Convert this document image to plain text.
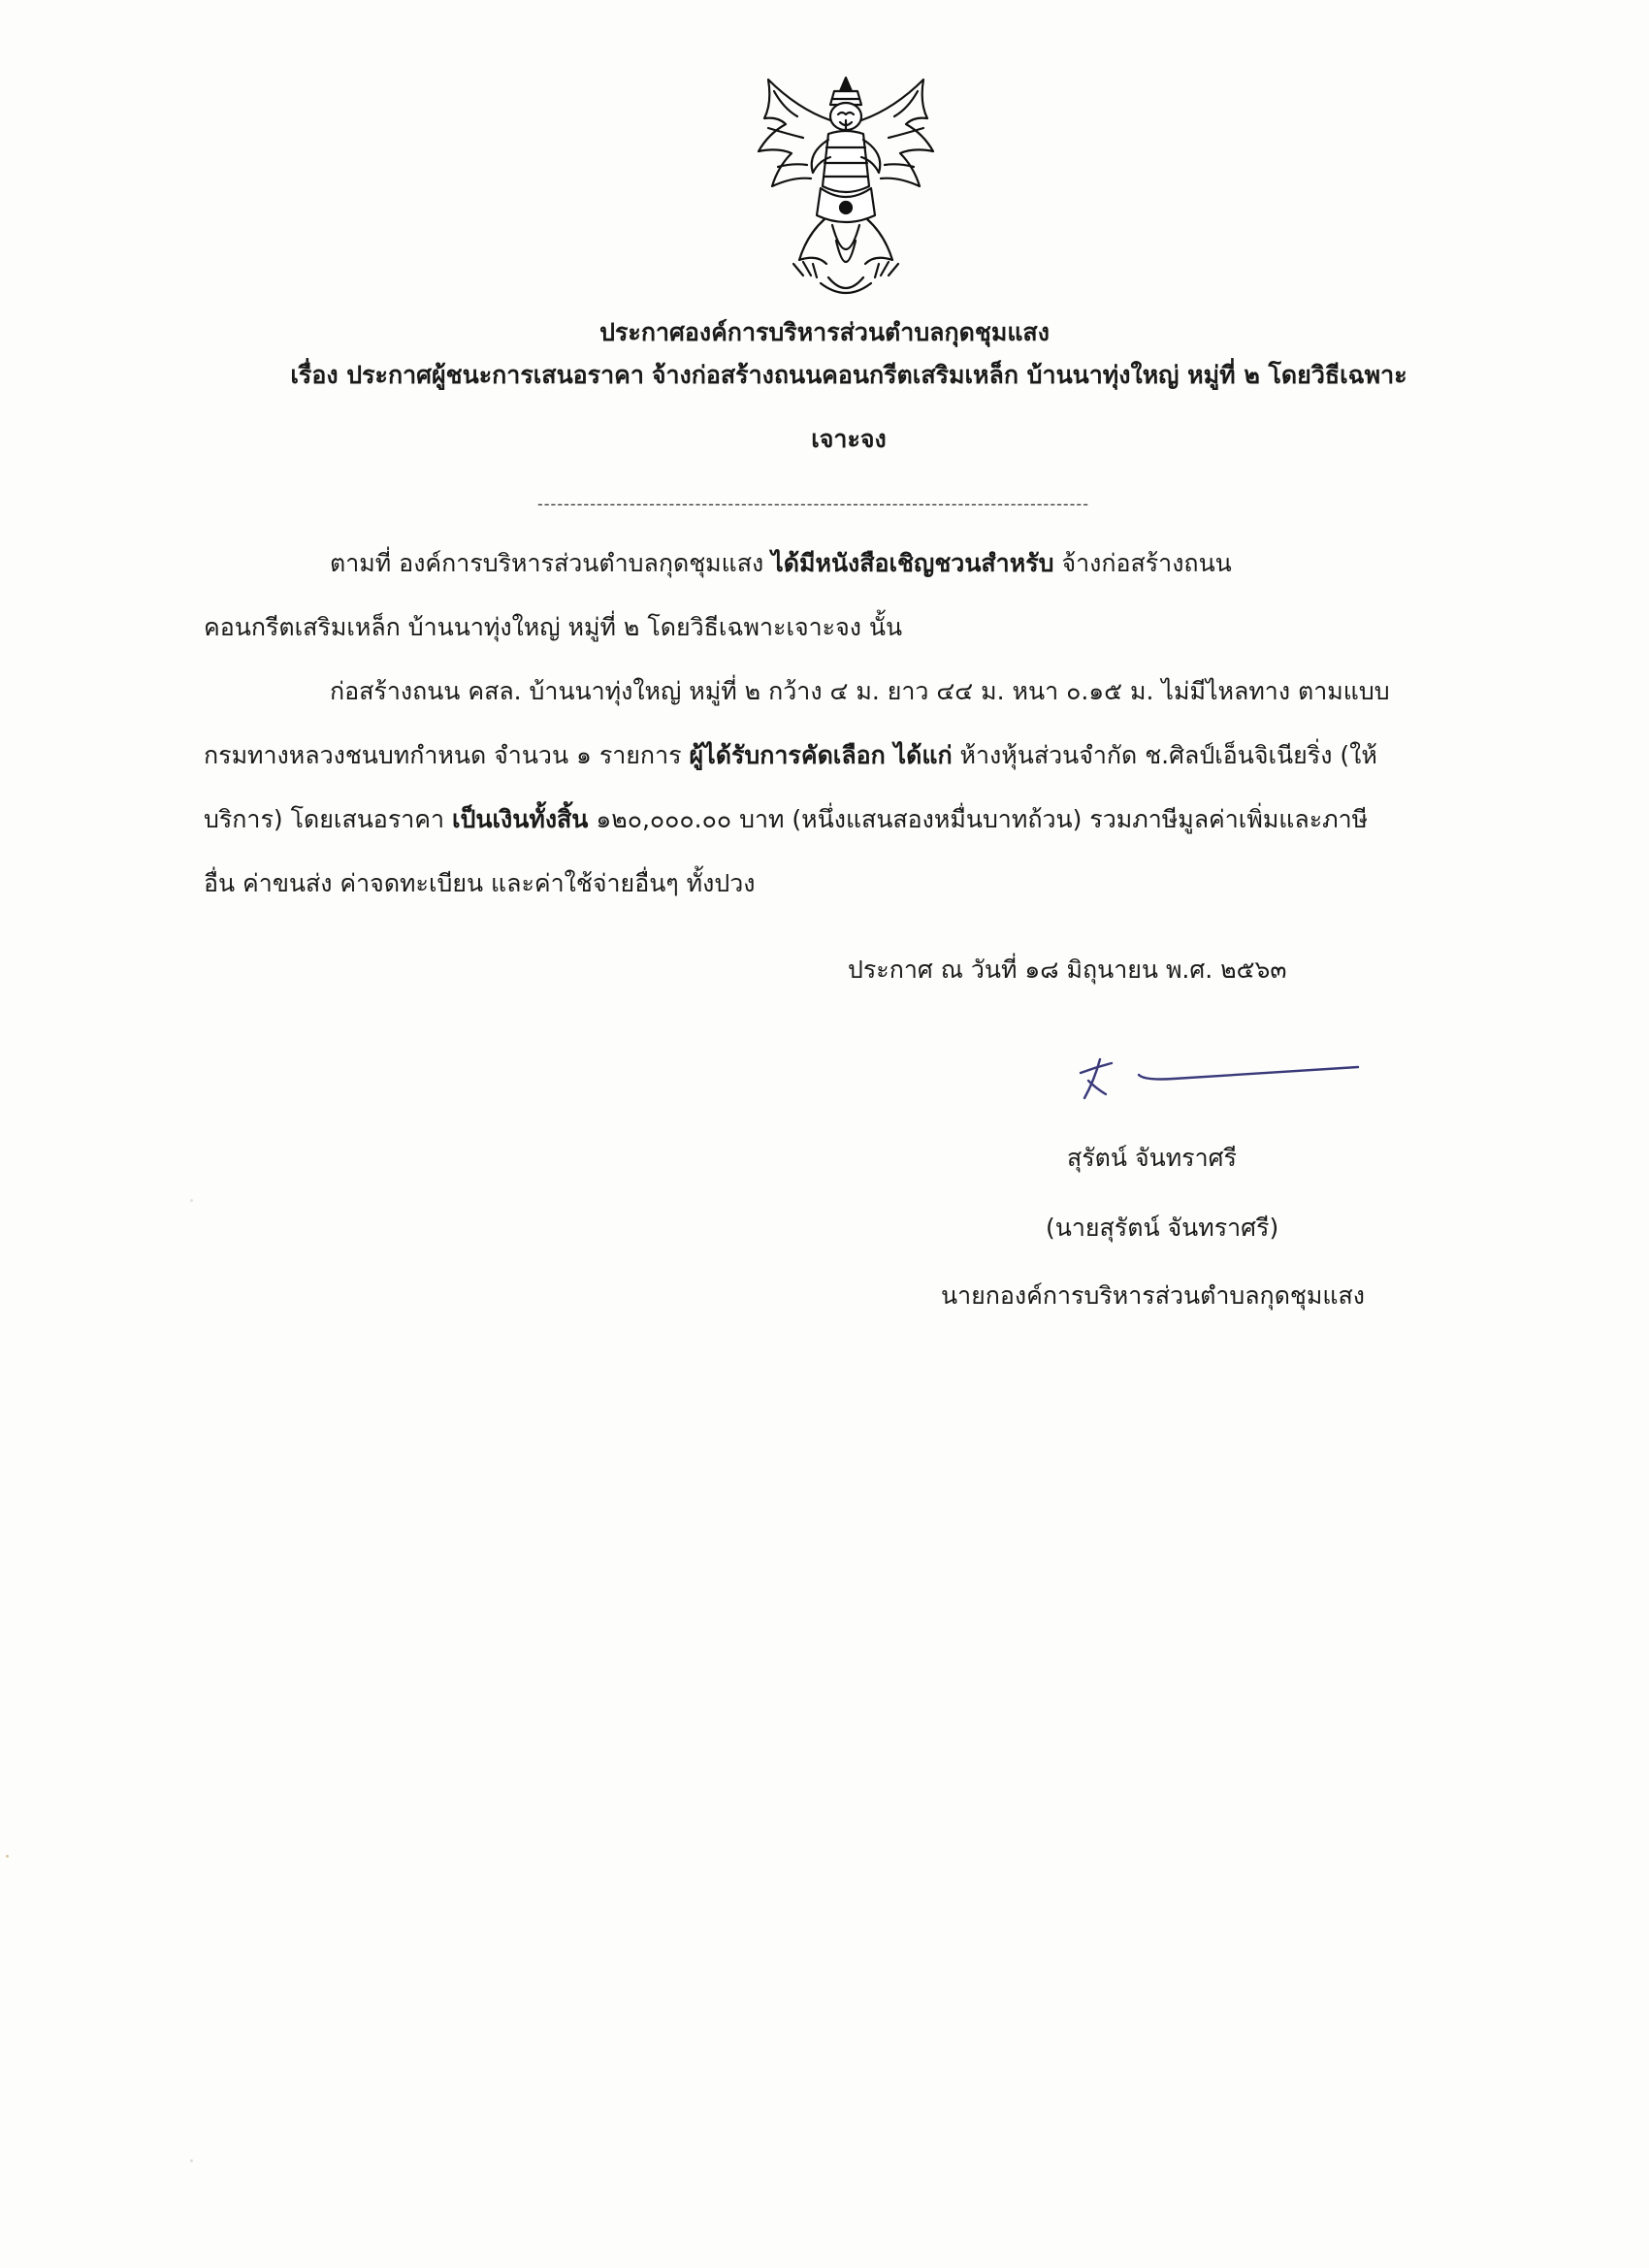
ประกาศองค์การบริหารส่วนตำบลกุดชุมแสง
เรื่อง ประกาศผู้ชนะการเสนอราคา จ้างก่อสร้างถนนคอนกรีตเสริมเหล็ก บ้านนาทุ่งใหญ่ หมู่ที่ ๒ โดยวิธีเฉพาะ
เจาะจง
------------------------------------------------------------------------------------
ตามที่ องค์การบริหารส่วนตำบลกุดชุมแสง ได้มีหนังสือเชิญชวนสำหรับ จ้างก่อสร้างถนน
คอนกรีตเสริมเหล็ก บ้านนาทุ่งใหญ่ หมู่ที่ ๒ โดยวิธีเฉพาะเจาะจง นั้น
ก่อสร้างถนน คสล. บ้านนาทุ่งใหญ่ หมู่ที่ ๒ กว้าง ๔ ม. ยาว ๔๔ ม. หนา ๐.๑๕ ม. ไม่มีไหลทาง ตามแบบ
กรมทางหลวงชนบทกำหนด จำนวน ๑ รายการ ผู้ได้รับการคัดเลือก ได้แก่ ห้างหุ้นส่วนจำกัด ช.ศิลป์เอ็นจิเนียริ่ง (ให้
บริการ) โดยเสนอราคา เป็นเงินทั้งสิ้น ๑๒๐,๐๐๐.๐๐ บาท (หนึ่งแสนสองหมื่นบาทถ้วน) รวมภาษีมูลค่าเพิ่มและภาษี
อื่น ค่าขนส่ง ค่าจดทะเบียน และค่าใช้จ่ายอื่นๆ ทั้งปวง
ประกาศ ณ วันที่ ๑๘ มิถุนายน พ.ศ. ๒๕๖๓
สุรัตน์ จันทราศรี
(นายสุรัตน์ จันทราศรี)
นายกองค์การบริหารส่วนตำบลกุดชุมแสง
